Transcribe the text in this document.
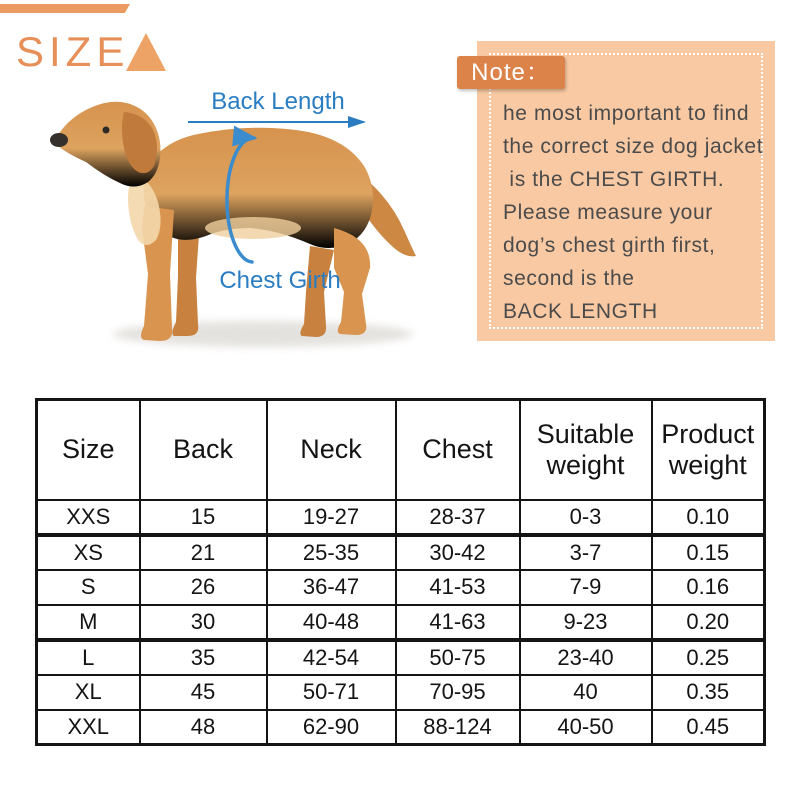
SIZE
Back Length
Chest Girth
Note：
he most important to find
the correct size dog jacket
is the CHEST GIRTH.
Please measure your
dog’s chest girth first,
second is the
BACK LENGTH
Size	Back	Neck	Chest	Suitable weight	Product weight
XXS	15	19-27	28-37	0-3	0.10
XS	21	25-35	30-42	3-7	0.15
S	26	36-47	41-53	7-9	0.16
M	30	40-48	41-63	9-23	0.20
L	35	42-54	50-75	23-40	0.25
XL	45	50-71	70-95	40	0.35
XXL	48	62-90	88-124	40-50	0.45
